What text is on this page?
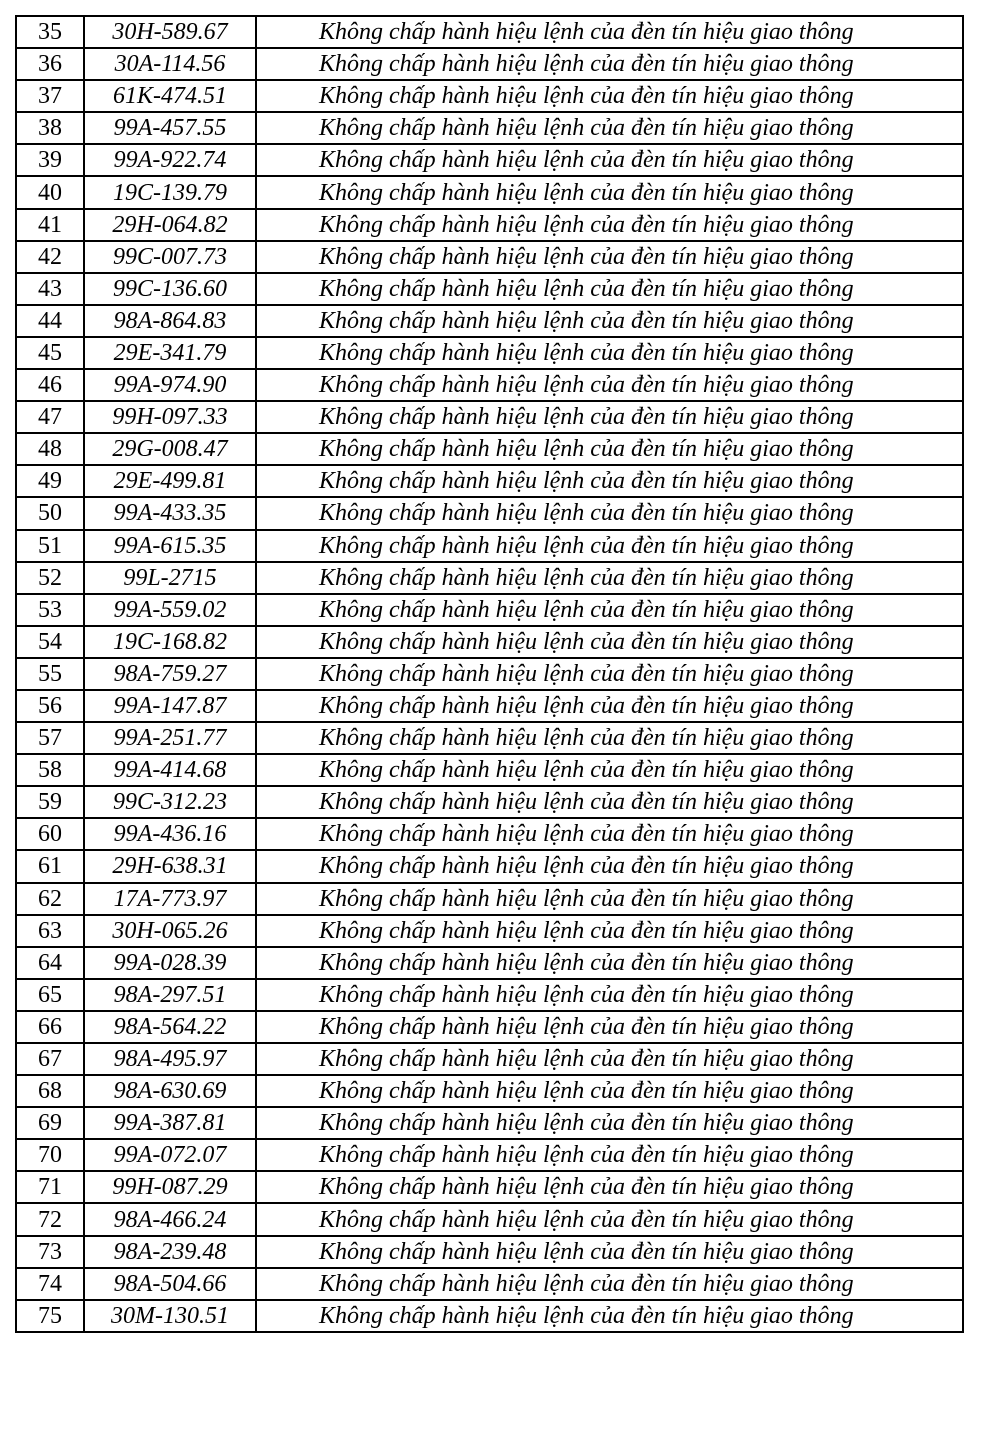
35	30H-589.67	Không chấp hành hiệu lệnh của đèn tín hiệu giao thông
36	30A-114.56	Không chấp hành hiệu lệnh của đèn tín hiệu giao thông
37	61K-474.51	Không chấp hành hiệu lệnh của đèn tín hiệu giao thông
38	99A-457.55	Không chấp hành hiệu lệnh của đèn tín hiệu giao thông
39	99A-922.74	Không chấp hành hiệu lệnh của đèn tín hiệu giao thông
40	19C-139.79	Không chấp hành hiệu lệnh của đèn tín hiệu giao thông
41	29H-064.82	Không chấp hành hiệu lệnh của đèn tín hiệu giao thông
42	99C-007.73	Không chấp hành hiệu lệnh của đèn tín hiệu giao thông
43	99C-136.60	Không chấp hành hiệu lệnh của đèn tín hiệu giao thông
44	98A-864.83	Không chấp hành hiệu lệnh của đèn tín hiệu giao thông
45	29E-341.79	Không chấp hành hiệu lệnh của đèn tín hiệu giao thông
46	99A-974.90	Không chấp hành hiệu lệnh của đèn tín hiệu giao thông
47	99H-097.33	Không chấp hành hiệu lệnh của đèn tín hiệu giao thông
48	29G-008.47	Không chấp hành hiệu lệnh của đèn tín hiệu giao thông
49	29E-499.81	Không chấp hành hiệu lệnh của đèn tín hiệu giao thông
50	99A-433.35	Không chấp hành hiệu lệnh của đèn tín hiệu giao thông
51	99A-615.35	Không chấp hành hiệu lệnh của đèn tín hiệu giao thông
52	99L-2715	Không chấp hành hiệu lệnh của đèn tín hiệu giao thông
53	99A-559.02	Không chấp hành hiệu lệnh của đèn tín hiệu giao thông
54	19C-168.82	Không chấp hành hiệu lệnh của đèn tín hiệu giao thông
55	98A-759.27	Không chấp hành hiệu lệnh của đèn tín hiệu giao thông
56	99A-147.87	Không chấp hành hiệu lệnh của đèn tín hiệu giao thông
57	99A-251.77	Không chấp hành hiệu lệnh của đèn tín hiệu giao thông
58	99A-414.68	Không chấp hành hiệu lệnh của đèn tín hiệu giao thông
59	99C-312.23	Không chấp hành hiệu lệnh của đèn tín hiệu giao thông
60	99A-436.16	Không chấp hành hiệu lệnh của đèn tín hiệu giao thông
61	29H-638.31	Không chấp hành hiệu lệnh của đèn tín hiệu giao thông
62	17A-773.97	Không chấp hành hiệu lệnh của đèn tín hiệu giao thông
63	30H-065.26	Không chấp hành hiệu lệnh của đèn tín hiệu giao thông
64	99A-028.39	Không chấp hành hiệu lệnh của đèn tín hiệu giao thông
65	98A-297.51	Không chấp hành hiệu lệnh của đèn tín hiệu giao thông
66	98A-564.22	Không chấp hành hiệu lệnh của đèn tín hiệu giao thông
67	98A-495.97	Không chấp hành hiệu lệnh của đèn tín hiệu giao thông
68	98A-630.69	Không chấp hành hiệu lệnh của đèn tín hiệu giao thông
69	99A-387.81	Không chấp hành hiệu lệnh của đèn tín hiệu giao thông
70	99A-072.07	Không chấp hành hiệu lệnh của đèn tín hiệu giao thông
71	99H-087.29	Không chấp hành hiệu lệnh của đèn tín hiệu giao thông
72	98A-466.24	Không chấp hành hiệu lệnh của đèn tín hiệu giao thông
73	98A-239.48	Không chấp hành hiệu lệnh của đèn tín hiệu giao thông
74	98A-504.66	Không chấp hành hiệu lệnh của đèn tín hiệu giao thông
75	30M-130.51	Không chấp hành hiệu lệnh của đèn tín hiệu giao thông
